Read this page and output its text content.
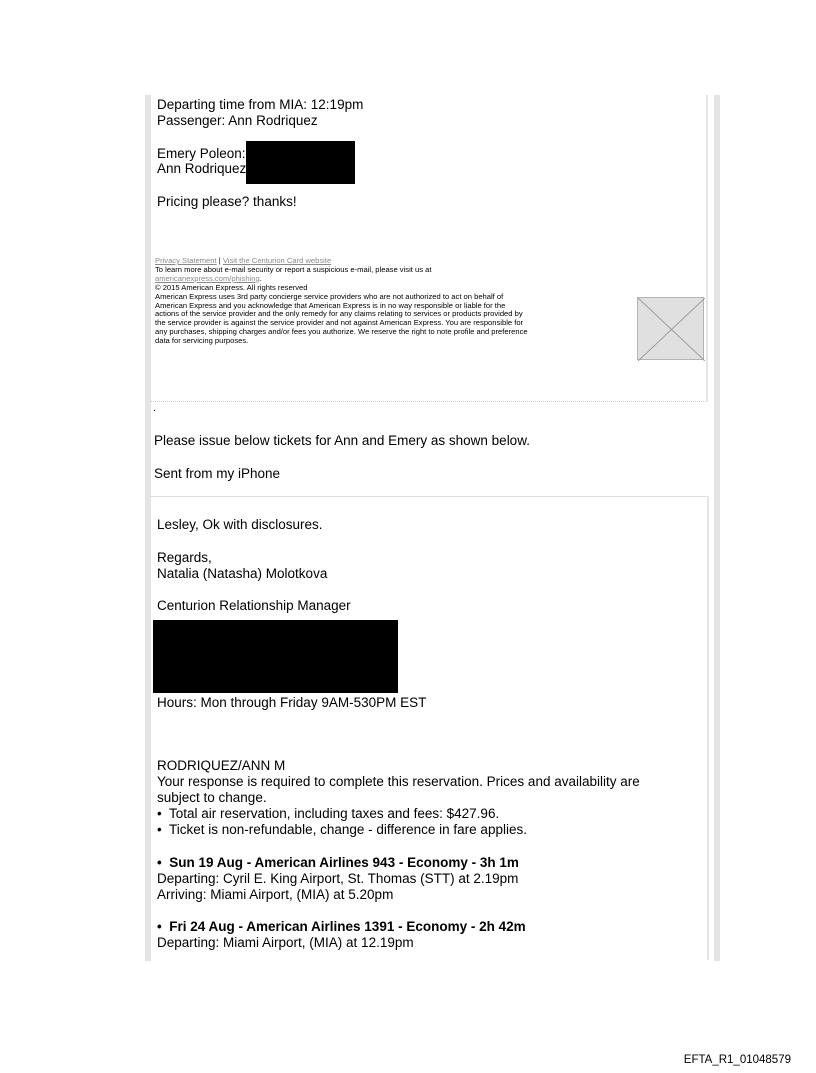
Departing time from MIA: 12:19pm
Passenger: Ann Rodriquez
Emery Poleon:
Ann Rodriquez
Pricing please? thanks!

Privacy Statement | Visit the Centurion Card website

To learn more about e-mail security or report a suspicious e-mail, please visit us at

americanexpress.com/phishing.

© 2015 American Express. All rights reserved

American Express uses 3rd party concierge service providers who are not authorized to act on behalf of

American Express and you acknowledge that American Express is in no way responsible or liable for the

actions of the service provider and the only remedy for any claims relating to services or products provided by

the service provider is against the service provider and not against American Express. You are responsible for

any purchases, shipping charges and/or fees you authorize. We reserve the right to note profile and preference

data for servicing purposes.

.
Please issue below tickets for Ann and Emery as shown below.
Sent from my iPhone
Lesley, Ok with disclosures.
Regards,
Natalia (Natasha) Molotkova
Centurion Relationship Manager
Hours: Mon through Friday 9AM-530PM EST
RODRIQUEZ/ANN M
Your response is required to complete this reservation. Prices and availability are
subject to change.
• Total air reservation, including taxes and fees: $427.96.
• Ticket is non-refundable, change - difference in fare applies.
• Sun 19 Aug - American Airlines 943 - Economy - 3h 1m
Departing: Cyril E. King Airport, St. Thomas (STT) at 2.19pm
Arriving: Miami Airport, (MIA) at 5.20pm
• Fri 24 Aug - American Airlines 1391 - Economy - 2h 42m
Departing: Miami Airport, (MIA) at 12.19pm
EFTA_R1_01048579
